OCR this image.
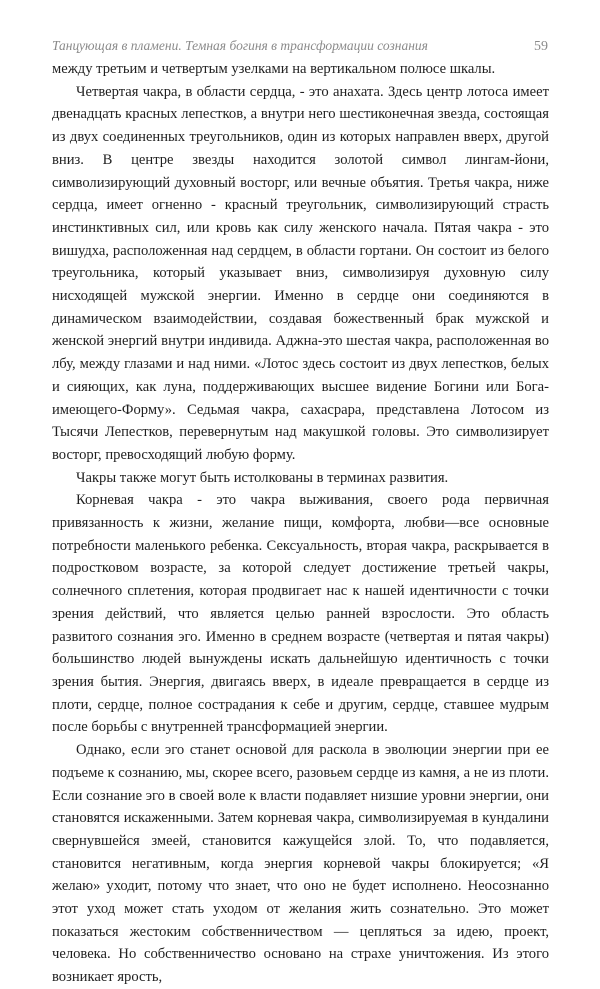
Танцующая в пламени. Темная богиня в трансформации сознания	59

между третьим и четвертым узелками на вертикальном полюсе шкалы.

Четвертая чакра, в области сердца, - это анахата. Здесь центр лотоса имеет двенадцать красных лепестков, а внутри него шестиконечная звезда, состоящая из двух соединенных треугольников, один из которых направлен вверх, другой вниз. В центре звезды находится золотой символ лингам-йони, символизирующий духовный восторг, или вечные объятия. Третья чакра, ниже сердца, имеет огненно - красный треугольник, символизирующий страсть инстинктивных сил, или кровь как силу женского начала. Пятая чакра - это вишудха, расположенная над сердцем, в области гортани. Он состоит из белого треугольника, который указывает вниз, символизируя духовную силу нисходящей мужской энергии. Именно в сердце они соединяются в динамическом взаимодействии, создавая божественный брак мужской и женской энергий внутри индивида. Аджна-это шестая чакра, расположенная во лбу, между глазами и над ними. «Лотос здесь состоит из двух лепестков, белых и сияющих, как луна, поддерживающих высшее видение Богини или Бога-имеющего-Форму». Седьмая чакра, сахасрара, представлена Лотосом из Тысячи Лепестков, перевернутым над макушкой головы. Это символизирует восторг, превосходящий любую форму.

Чакры также могут быть истолкованы в терминах развития.

Корневая чакра - это чакра выживания, своего рода первичная привязанность к жизни, желание пищи, комфорта, любви—все основные потребности маленького ребенка. Сексуальность, вторая чакра, раскрывается в подростковом возрасте, за которой следует достижение третьей чакры, солнечного сплетения, которая продвигает нас к нашей идентичности с точки зрения действий, что является целью ранней взрослости. Это область развитого сознания эго. Именно в среднем возрасте (четвертая и пятая чакры) большинство людей вынуждены искать дальнейшую идентичность с точки зрения бытия. Энергия, двигаясь вверх, в идеале превращается в сердце из плоти, сердце, полное сострадания к себе и другим, сердце, ставшее мудрым после борьбы с внутренней трансформацией энергии.

Однако, если эго станет основой для раскола в эволюции энергии при ее подъеме к сознанию, мы, скорее всего, разовьем сердце из камня, а не из плоти. Если сознание эго в своей воле к власти подавляет низшие уровни энергии, они становятся искаженными. Затем корневая чакра, символизируемая в кундалини свернувшейся змеей, становится кажущейся злой. То, что подавляется, становится негативным, когда энергия корневой чакры блокируется; «Я желаю» уходит, потому что знает, что оно не будет исполнено. Неосознанно этот уход может стать уходом от желания жить сознательно. Это может показаться жестоким собственничеством — цепляться за идею, проект, человека. Но собственничество основано на страхе уничтожения. Из этого возникает ярость,
